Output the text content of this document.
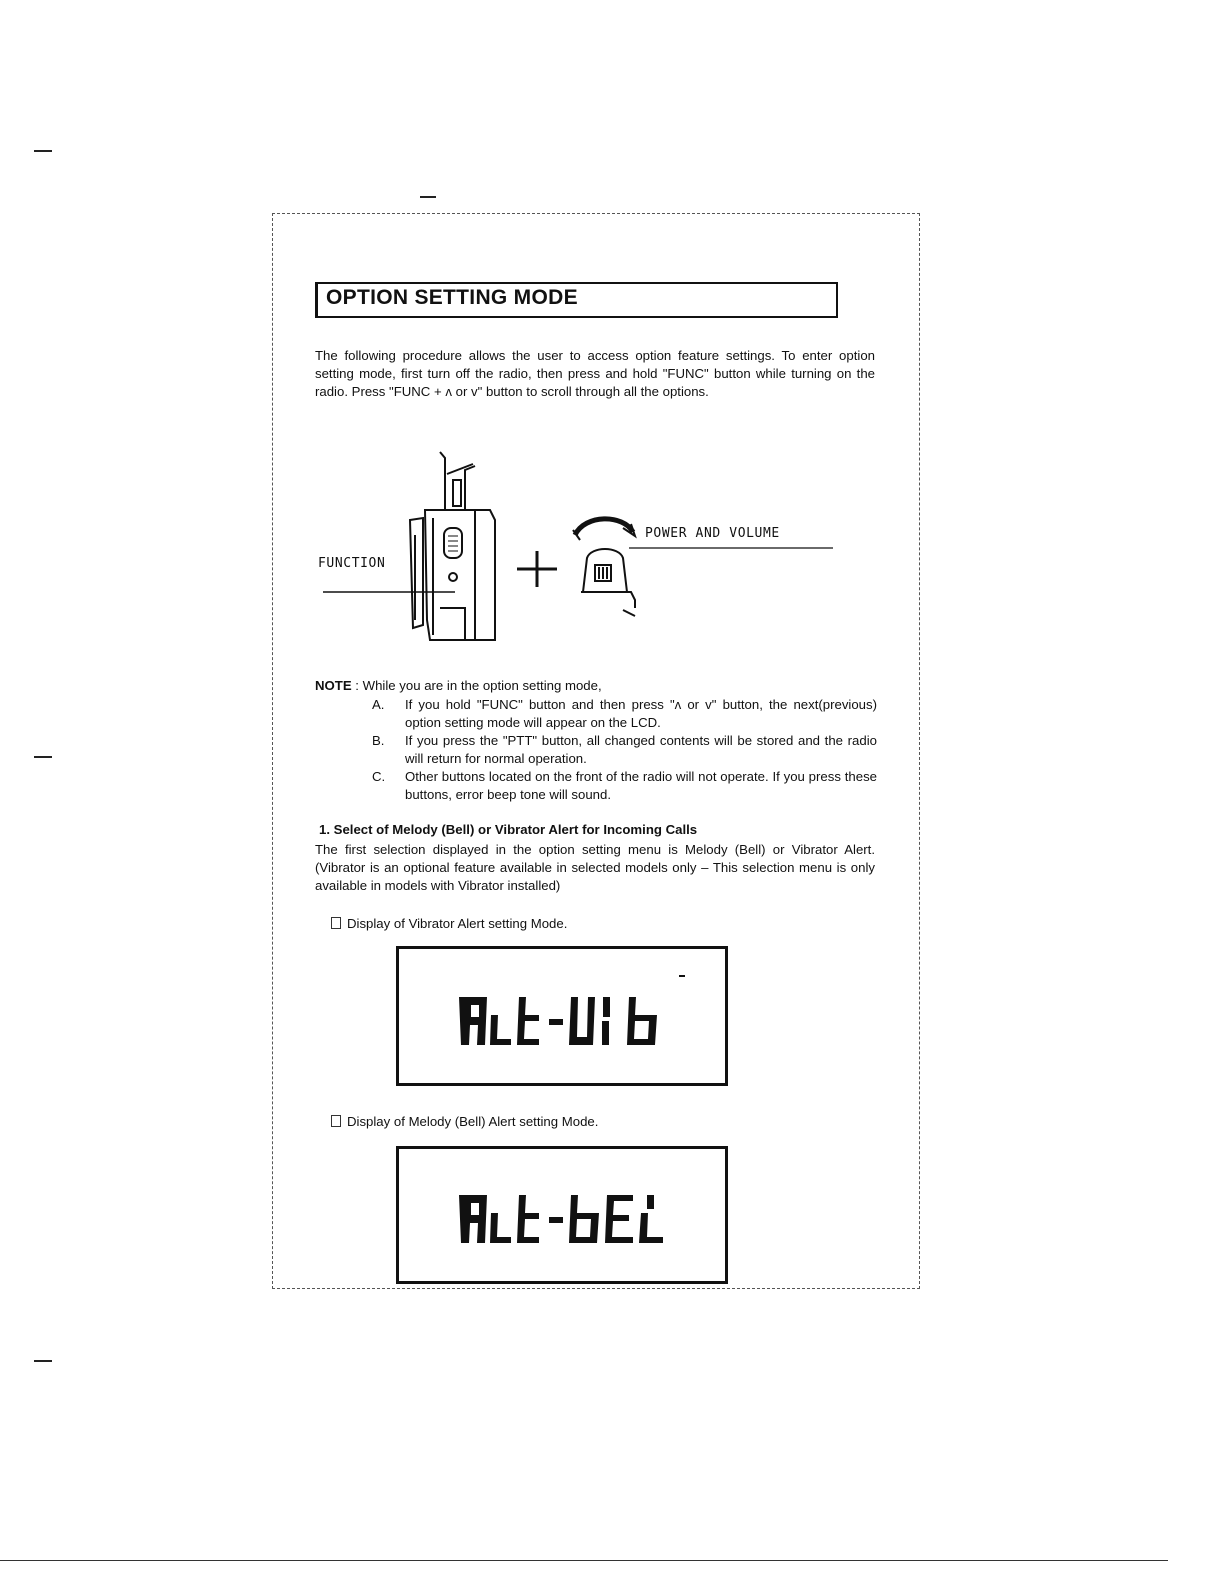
OPTION SETTING MODE
The following procedure allows the user to access option feature settings. To enter option setting mode, first turn off the radio, then press and hold "FUNC" button while turning on the radio. Press "FUNC + ʌ or v" button to scroll through all the options.
FUNCTION
POWER AND VOLUME
NOTE : While you are in the option setting mode,
A.	If you hold "FUNC" button and then press "ʌ or v" button, the next(previous) option setting mode will appear on the LCD.
B.	If you press the "PTT" button, all changed contents will be stored and the radio will return for normal operation.
C.	Other buttons located on the front of the radio will not operate. If you press these buttons, error beep tone will sound.
1. Select of Melody (Bell) or Vibrator Alert for Incoming Calls
The first selection displayed in the option setting menu is Melody (Bell) or Vibrator Alert. (Vibrator is an optional feature available in selected models only – This selection menu is only available in models with Vibrator installed)
Display of Vibrator Alert setting Mode.
Display of Melody (Bell) Alert setting Mode.
